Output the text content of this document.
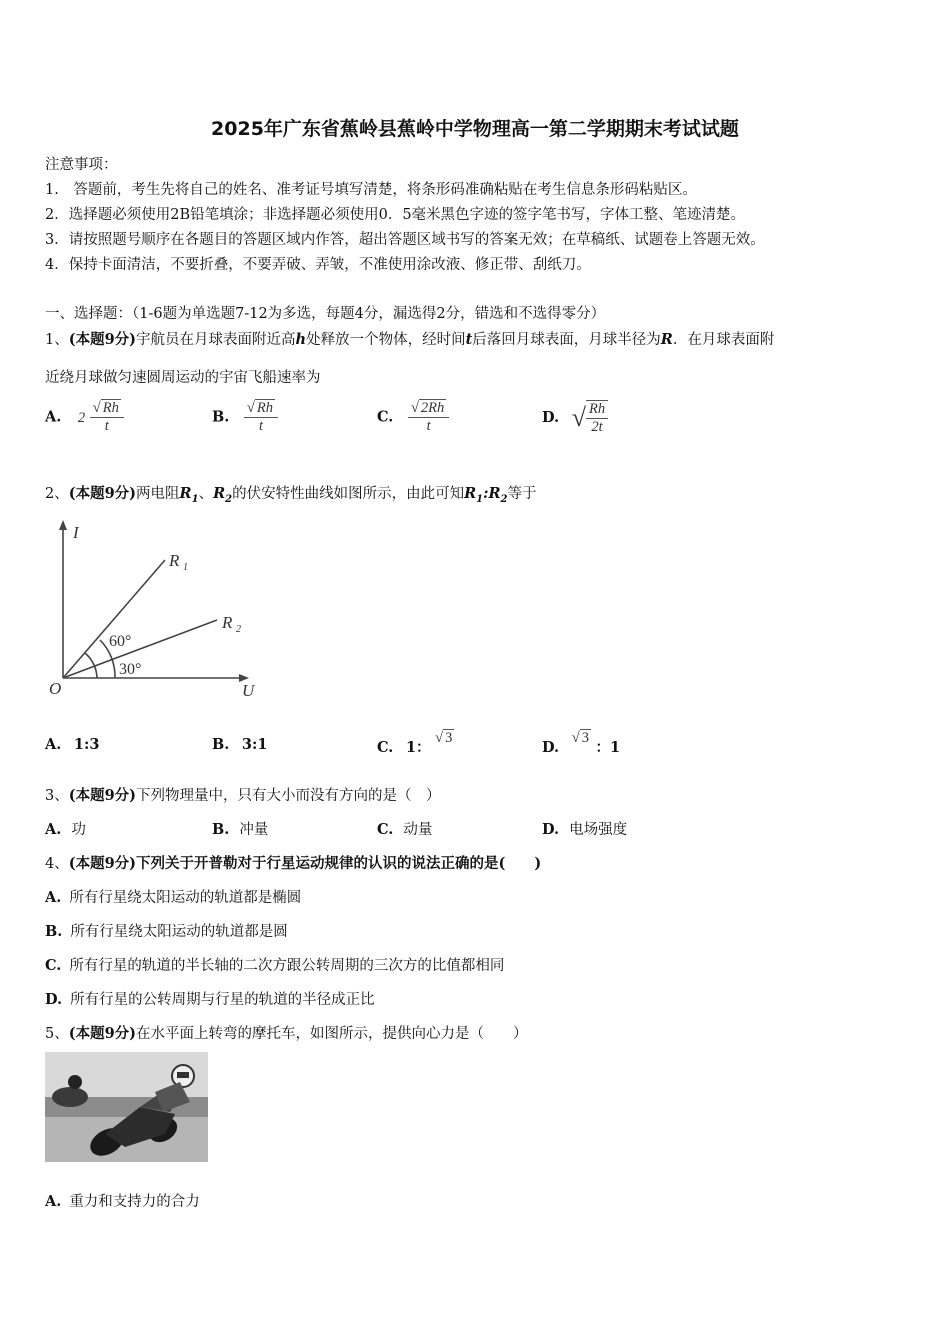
2025年广东省蕉岭县蕉岭中学物理高一第二学期期末考试试题
注意事项：
1.　答题前，考生先将自己的姓名、准考证号填写清楚，将条形码准确粘贴在考生信息条形码粘贴区。
2．选择题必须使用2B铅笔填涂；非选择题必须使用0．5毫米黑色字迹的签字笔书写，字体工整、笔迹清楚。
3．请按照题号顺序在各题目的答题区域内作答，超出答题区域书写的答案无效；在草稿纸、试题卷上答题无效。
4．保持卡面清洁，不要折叠，不要弄破、弄皱，不准使用涂改液、修正带、刮纸刀。
一、选择题：（1-6题为单选题7-12为多选，每题4分，漏选得2分，错选和不选得零分）
1、(本题9分)宇航员在月球表面附近高h处释放一个物体，经时间t后落回月球表面，月球半径为R．在月球表面附
近绕月球做匀速圆周运动的宇宙飞船速率为
A. $2 \frac{√ Rh}{t}$	B. $\frac{√ Rh}{t}$	C. $\frac{√ 2Rh}{t}$	D. √ $\frac{Rh}{2t}$
2、(本题9分)两电阻$R_1$、$R_2$的伏安特性曲线如图所示，由此可知$R_1:R_2$等于
I
U
O
R 1
R 2
60°
30°
A. 1:3	B. 3:1	C. 1： √ 3
D. √ 3 ：1
3、(本题9分)下列物理量中，只有大小而没有方向的是（　）
A. 功	B. 冲量	C. 动量	D. 电场强度
4、(本题9分)下列关于开普勒对于行星运动规律的认识的说法正确的是(　　)
A. 所有行星绕太阳运动的轨道都是椭圆
B. 所有行星绕太阳运动的轨道都是圆
C. 所有行星的轨道的半长轴的二次方跟公转周期的三次方的比值都相同
D. 所有行星的公转周期与行星的轨道的半径成正比
5、(本题9分)在水平面上转弯的摩托车，如图所示，提供向心力是（　　）
A. 重力和支持力的合力
